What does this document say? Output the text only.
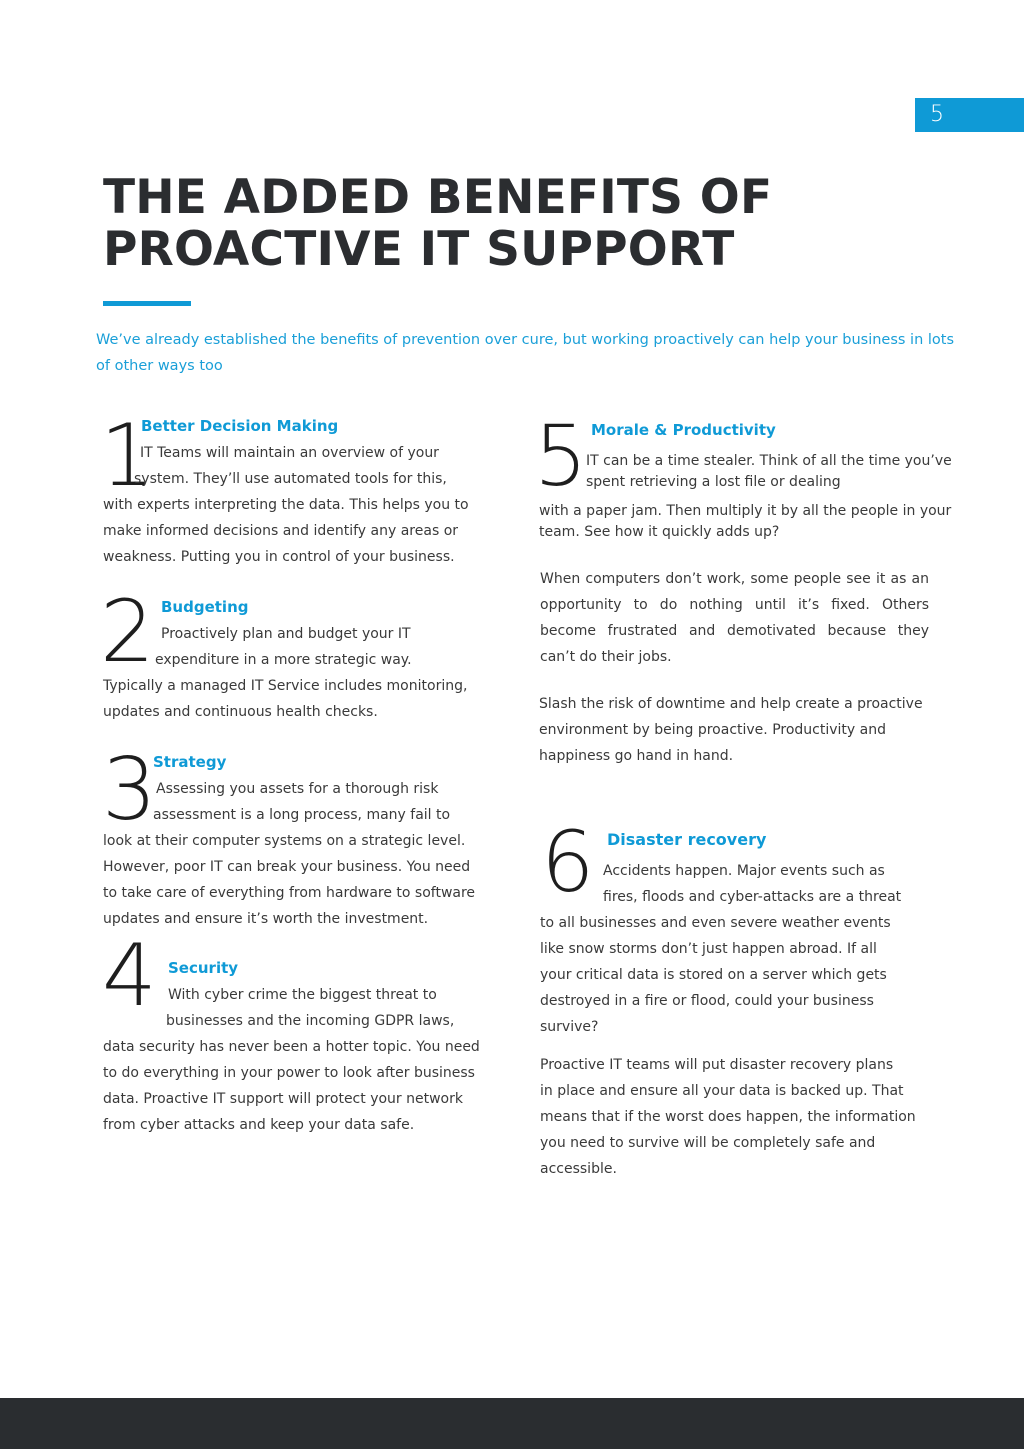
5
THE ADDED BENEFITS OF PROACTIVE IT SUPPORT
We’ve already established the benefits of prevention over cure, but working proactively can help your business in lots of other ways too
1
Better Decision Making
IT Teams will maintain an overview of your
system. They’ll use automated tools for this,
with experts interpreting the data. This helps you to
make informed decisions and identify any areas or
weakness. Putting you in control of your business.
2 Budgeting
Proactively plan and budget your IT
expenditure in a more strategic way.
Typically a managed IT Service includes monitoring,
updates and continuous health checks.
3
Strategy
Assessing you assets for a thorough risk
assessment is a long process, many fail to
look at their computer systems on a strategic level.
However, poor IT can break your business. You need
to take care of everything from hardware to software
updates and ensure it’s worth the investment.
4 Security
With cyber crime the biggest threat to
businesses and the incoming GDPR laws,
data security has never been a hotter topic. You need
to do everything in your power to look after business
data. Proactive IT support will protect your network
from cyber attacks and keep your data safe.
5 Morale & Productivity
IT can be a time stealer. Think of all the time you’ve
spent retrieving a lost file or dealing
with a paper jam. Then multiply it by all the people in your
team. See how it quickly adds up?
When computers don’t work, some people see it as an
opportunity to do nothing until it’s fixed. Others
become frustrated and demotivated because they
can’t do their jobs.
Slash the risk of downtime and help create a proactive
environment by being proactive. Productivity and
happiness go hand in hand.
6 Disaster recovery
Accidents happen. Major events such as
fires, floods and cyber-attacks are a threat
to all businesses and even severe weather events
like snow storms don’t just happen abroad. If all
your critical data is stored on a server which gets
destroyed in a fire or flood, could your business
survive?
Proactive IT teams will put disaster recovery plans
in place and ensure all your data is backed up. That
means that if the worst does happen, the information
you need to survive will be completely safe and
accessible.
